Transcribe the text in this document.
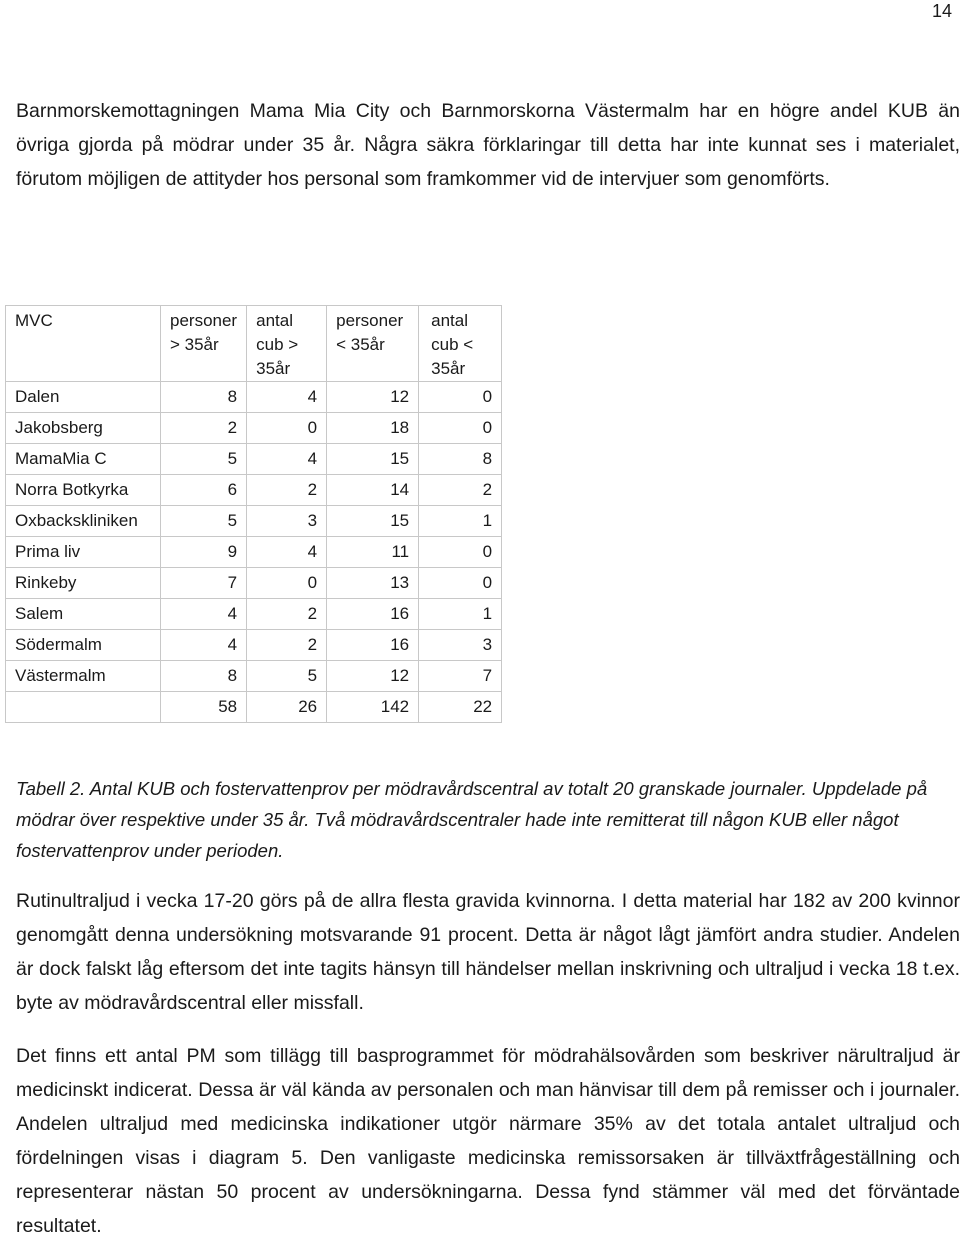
14

Barnmorskemottagningen Mama Mia City och Barnmorskorna Västermalm har en högre andel KUB än övriga gjorda på mödrar under 35 år. Några säkra förklaringar till detta har inte kunnat ses i materialet, förutom möjligen de attityder hos personal som framkommer vid de intervjuer som genomförts.

MVC	personer > 35år	antal cub > 35år	personer < 35år	antal cub < 35år
Dalen	8	4	12	0
Jakobsberg	2	0	18	0
MamaMia C	5	4	15	8
Norra Botkyrka	6	2	14	2
Oxbackskliniken	5	3	15	1
Prima liv	9	4	11	0
Rinkeby	7	0	13	0
Salem	4	2	16	1
Södermalm	4	2	16	3
Västermalm	8	5	12	7
	58	26	142	22

Tabell 2. Antal KUB och fostervattenprov per mödravårdscentral av totalt 20 granskade journaler. Uppdelade på mödrar över respektive under 35 år. Två mödravårdscentraler hade inte remitterat till någon KUB eller något fostervattenprov under perioden.

Rutinultraljud i vecka 17-20 görs på de allra flesta gravida kvinnorna. I detta material har 182 av 200 kvinnor genomgått denna undersökning motsvarande 91 procent. Detta är något lågt jämfört andra studier. Andelen är dock falskt låg eftersom det inte tagits hänsyn till händelser mellan inskrivning och ultraljud i vecka 18 t.ex. byte av mödravårdscentral eller missfall.

Det finns ett antal PM som tillägg till basprogrammet för mödrahälsovården som beskriver närultraljud är medicinskt indicerat. Dessa är väl kända av personalen och man hänvisar till dem på remisser och i journaler. Andelen ultraljud med medicinska indikationer utgör närmare 35% av det totala antalet ultraljud och fördelningen visas i diagram 5. Den vanligaste medicinska remissorsaken är tillväxtfrågeställning och representerar nästan 50 procent av undersökningarna. Dessa fynd stämmer väl med det förväntade resultatet.
